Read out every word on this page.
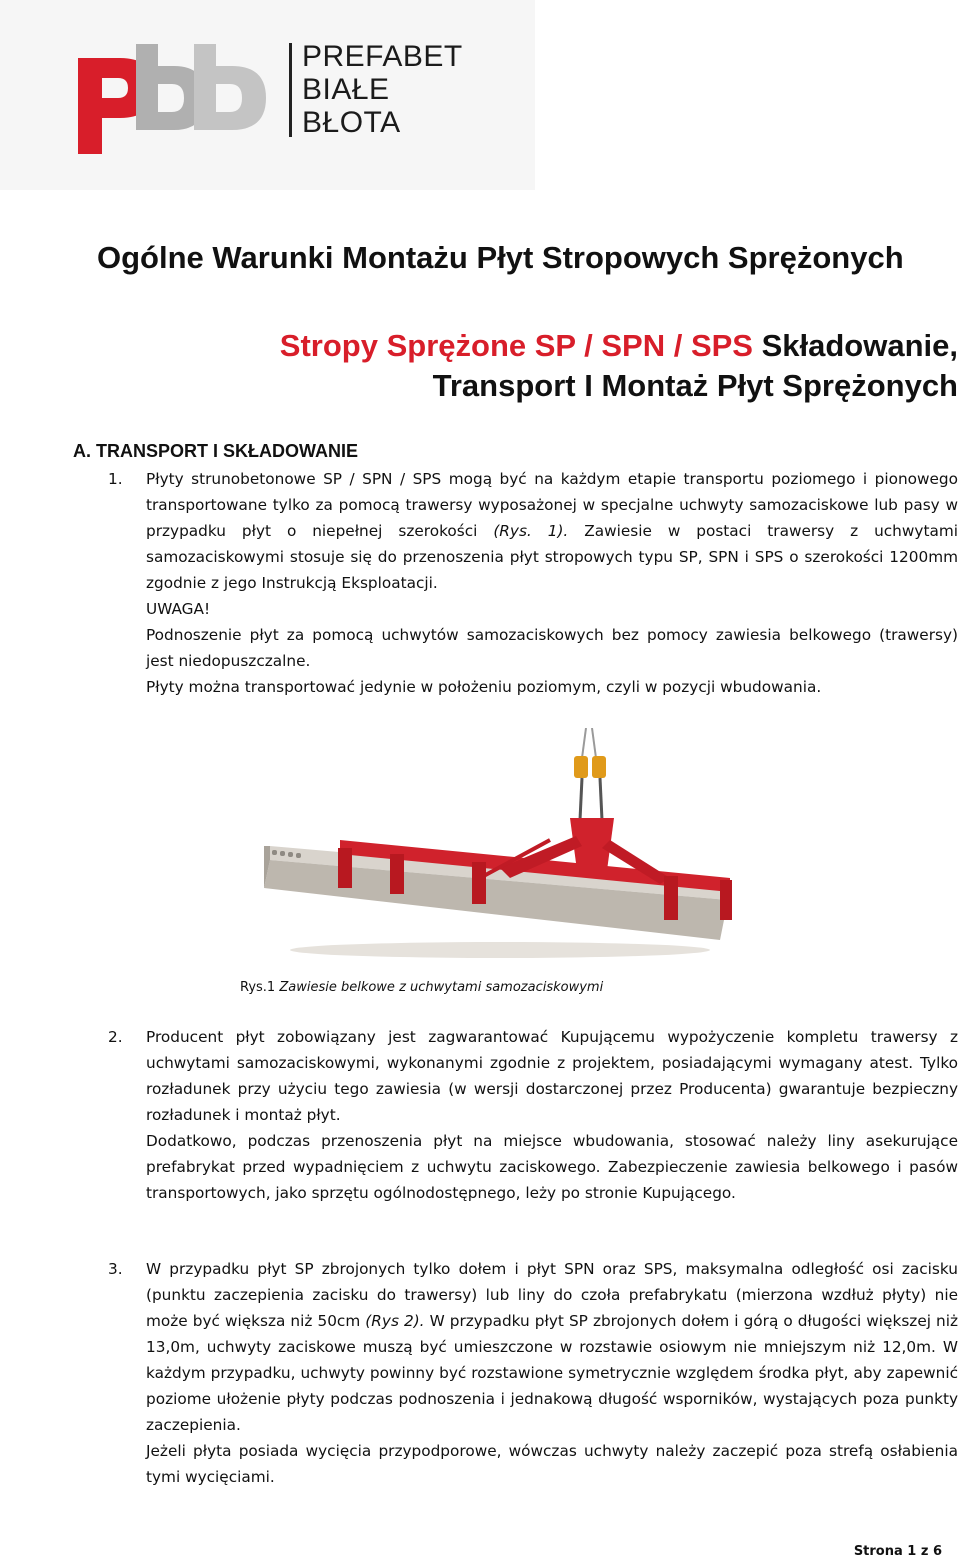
PREFABET
BIAŁE
BŁOTA
Ogólne Warunki Montażu Płyt Stropowych Sprężonych
Stropy Sprężone SP / SPN / SPS Składowanie,
Transport I Montaż Płyt Sprężonych
A. TRANSPORT I SKŁADOWANIE
1.	Płyty strunobetonowe SP / SPN / SPS mogą być na każdym etapie transportu poziomego i pionowego transportowane tylko za pomocą trawersy wyposażonej w specjalne uchwyty samozaciskowe lub pasy w przypadku płyt o niepełnej szerokości (Rys. 1). Zawiesie w postaci trawersy z uchwytami samozaciskowymi stosuje się do przenoszenia płyt stropowych typu SP, SPN i SPS o szerokości 1200mm zgodnie z jego Instrukcją Eksploatacji.

UWAGA!

Podnoszenie płyt za pomocą uchwytów samozaciskowych bez pomocy zawiesia belkowego (trawersy) jest niedopuszczalne.

Płyty można transportować jedynie w położeniu poziomym, czyli w pozycji wbudowania.

Rys.1 Zawiesie belkowe z uchwytami samozaciskowymi
2.	Producent płyt zobowiązany jest zagwarantować Kupującemu wypożyczenie kompletu trawersy z uchwytami samozaciskowymi, wykonanymi zgodnie z projektem, posiadającymi wymagany atest. Tylko rozładunek przy użyciu tego zawiesia (w wersji dostarczonej przez Producenta) gwarantuje bezpieczny rozładunek i montaż płyt.

Dodatkowo, podczas przenoszenia płyt na miejsce wbudowania, stosować należy liny asekurujące prefabrykat przed wypadnięciem z uchwytu zaciskowego. Zabezpieczenie zawiesia belkowego i pasów transportowych, jako sprzętu ogólnodostępnego, leży po stronie Kupującego.

3.	W przypadku płyt SP zbrojonych tylko dołem i płyt SPN oraz SPS, maksymalna odległość osi zacisku (punktu zaczepienia zacisku do trawersy) lub liny do czoła prefabrykatu (mierzona wzdłuż płyty) nie może być większa niż 50cm (Rys 2). W przypadku płyt SP zbrojonych dołem i górą o długości większej niż 13,0m, uchwyty zaciskowe muszą być umieszczone w rozstawie osiowym nie mniejszym niż 12,0m. W każdym przypadku, uchwyty powinny być rozstawione symetrycznie względem środka płyt, aby zapewnić poziome ułożenie płyty podczas podnoszenia i jednakową długość wsporników, wystających poza punkty zaczepienia.

Jeżeli płyta posiada wycięcia przypodporowe, wówczas uchwyty należy zaczepić poza strefą osłabienia tymi wycięciami.

Strona 1 z 6
